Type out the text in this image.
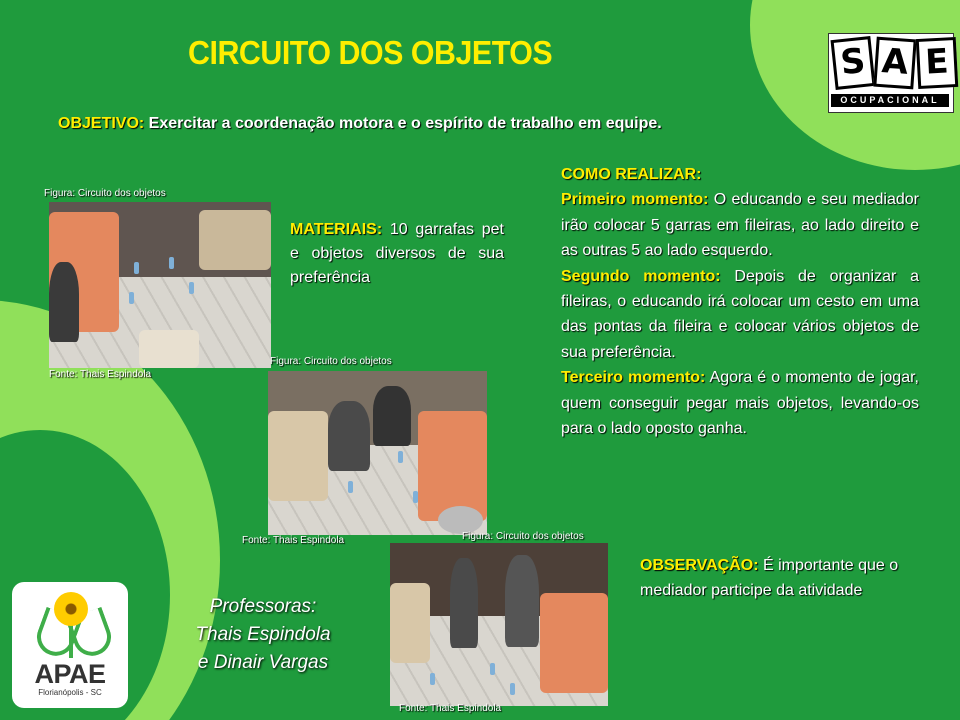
CIRCUITO DOS OBJETOS
OBJETIVO: Exercitar a coordenação motora e o espírito de trabalho em equipe.
Figura: Circuito dos objetos
Fonte: Thais Espindola
Figura: Circuito dos objetos
Fonte: Thais Espindola	Figura: Circuito dos objetos
Fonte: Thais Espindola
MATERIAIS: 10 garrafas pet e objetos diversos de sua preferência

COMO REALIZAR:

Primeiro momento: O educando e seu mediador irão colocar 5 garras em fileiras, ao lado direito e as outras 5 ao lado esquerdo.

Segundo momento: Depois de organizar a fileiras, o educando irá colocar um cesto em uma das pontas da fileira e colocar vários objetos de sua preferência.

Terceiro momento: Agora é o momento de jogar, quem conseguir pegar mais objetos, levando-os para o lado oposto ganha.

OBSERVAÇÃO: É importante que o mediador participe da atividade
Professoras:
Thais Espindola
e Dinair Vargas
S A E
OCUPACIONAL
APAE
Florianópolis - SC
